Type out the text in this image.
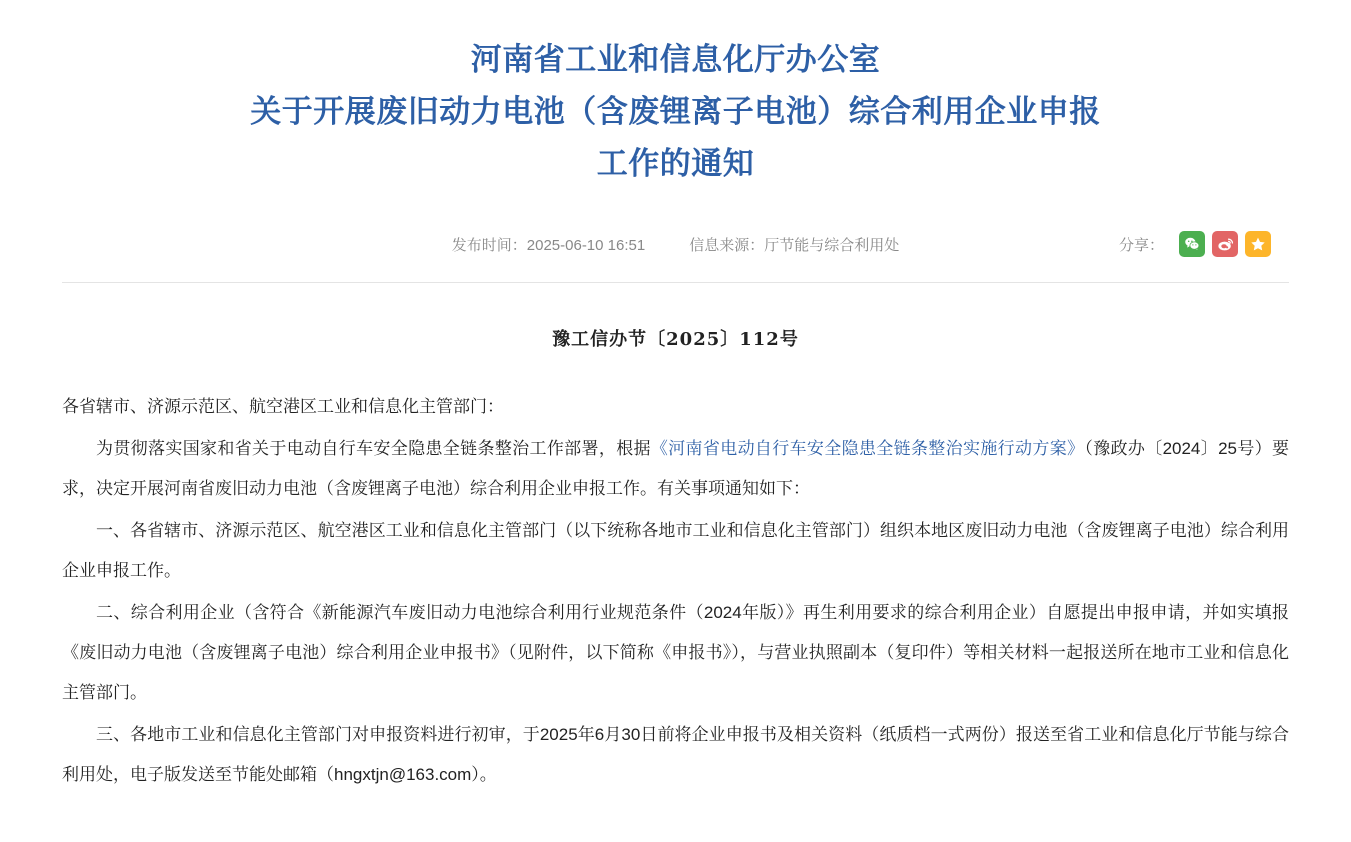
河南省工业和信息化厅办公室
关于开展废旧动力电池（含废锂离子电池）综合利用企业申报
工作的通知
发布时间：2025-06-10 16:51	信息来源：厅节能与综合利用处	分享：
豫工信办节〔2025〕112号

各省辖市、济源示范区、航空港区工业和信息化主管部门：

为贯彻落实国家和省关于电动自行车安全隐患全链条整治工作部署，根据《河南省电动自行车安全隐患全链条整治实施行动方案》（豫政办〔2024〕25号）要求，决定开展河南省废旧动力电池（含废锂离子电池）综合利用企业申报工作。有关事项通知如下：

一、各省辖市、济源示范区、航空港区工业和信息化主管部门（以下统称各地市工业和信息化主管部门）组织本地区废旧动力电池（含废锂离子电池）综合利用企业申报工作。

二、综合利用企业（含符合《新能源汽车废旧动力电池综合利用行业规范条件（2024年版）》再生利用要求的综合利用企业）自愿提出申报申请，并如实填报《废旧动力电池（含废锂离子电池）综合利用企业申报书》（见附件，以下简称《申报书》），与营业执照副本（复印件）等相关材料一起报送所在地市工业和信息化主管部门。

三、各地市工业和信息化主管部门对申报资料进行初审，于2025年6月30日前将企业申报书及相关资料（纸质档一式两份）报送至省工业和信息化厅节能与综合利用处，电子版发送至节能处邮箱（hngxtjn@163.com）。
